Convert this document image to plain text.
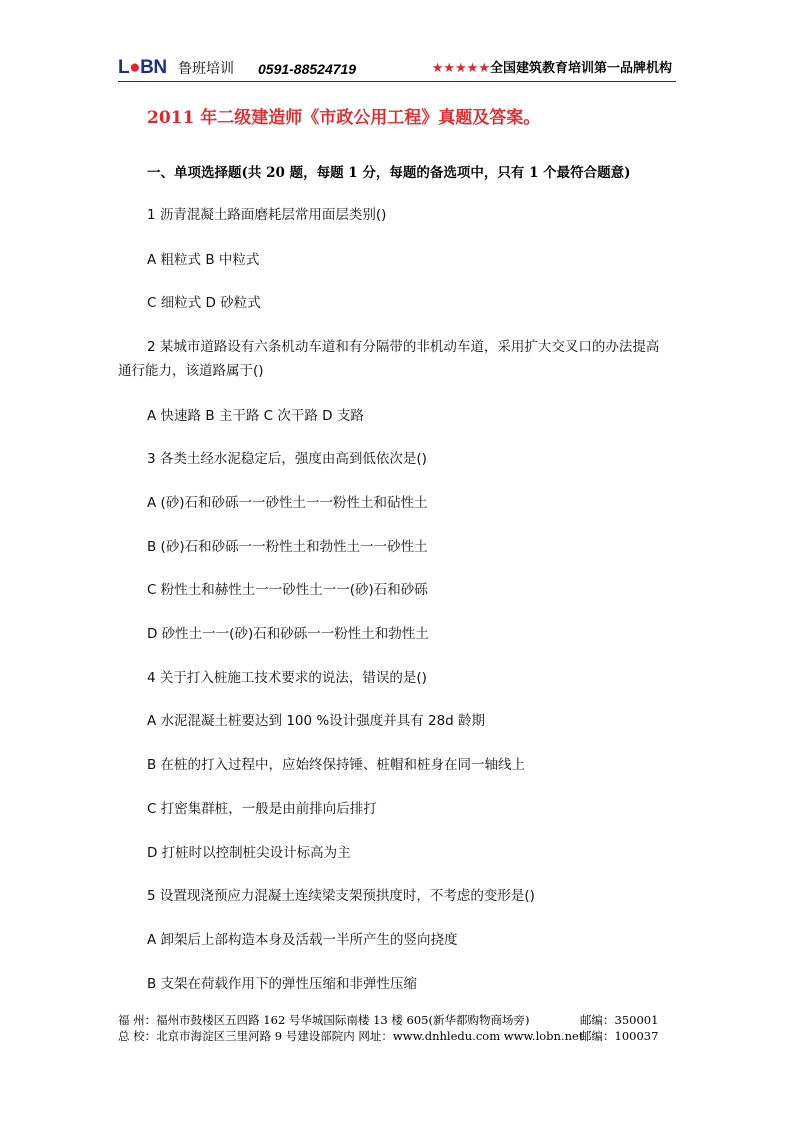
L●BN 鲁班培训 0591-88524719	★★★★★全国建筑教育培训第一品牌机构
2011 年二级建造师《市政公用工程》真题及答案。
一、单项选择题(共 20 题，每题 1 分，每题的备选项中，只有 1 个最符合题意)
1 沥青混凝土路面磨耗层常用面层类别()
A 粗粒式 B 中粒式
C 细粒式 D 砂粒式
2 某城市道路设有六条机动车道和有分隔带的非机动车道，采用扩大交叉口的办法提高
通行能力，该道路属于()
A 快速路 B 主干路 C 次干路 D 支路
3 各类土经水泥稳定后，强度由高到低依次是()
A (砂)石和砂砾一一砂性土一一粉性土和砧性土
B (砂)石和砂砾一一粉性土和勃性土一一砂性土
C 粉性土和赫性土一一砂性土一一(砂)石和砂砾
D 砂性土一一(砂)石和砂砾一一粉性土和勃性土
4 关于打入桩施工技术要求的说法，错误的是()
A 水泥混凝土桩要达到 100 %设计强度并具有 28d 龄期
B 在桩的打入过程中，应始终保持锤、桩帽和桩身在同一轴线上
C 打密集群桩，一般是由前排向后排打
D 打桩时以控制桩尖设计标高为主
5 设置现浇预应力混凝土连续梁支架预拱度时，不考虑的变形是()
A 卸架后上部构造本身及活载一半所产生的竖向挠度
B 支架在荷载作用下的弹性压缩和非弹性压缩
福 州：福州市鼓楼区五四路 162 号华城国际南楼 13 楼 605(新华都购物商场旁)	邮编：350001
总 校：北京市海淀区三里河路 9 号建设部院内 网址：www.dnhledu.com www.lobn.net
邮编：100037
